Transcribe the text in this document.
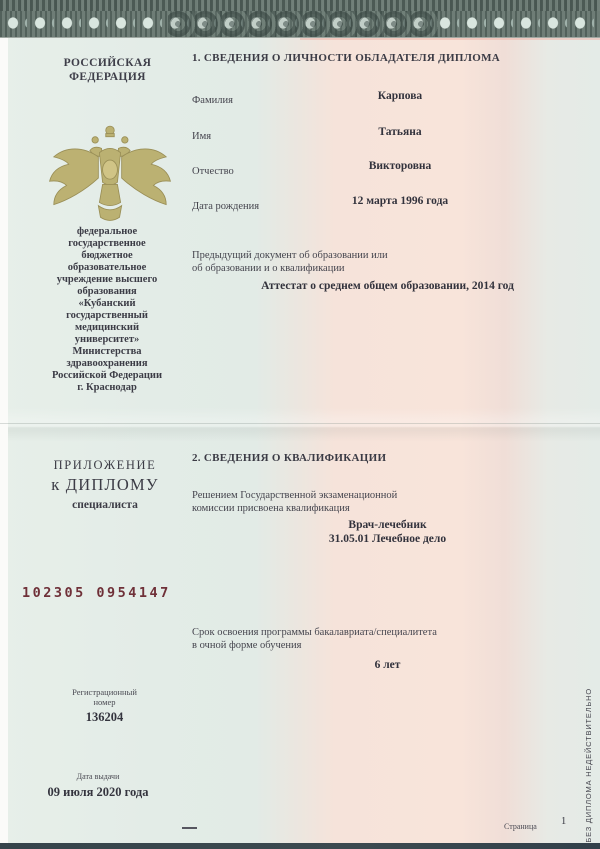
РОССИЙСКАЯ
ФЕДЕРАЦИЯ
федеральное
государственное
бюджетное
образовательное
учреждение высшего
образования
«Кубанский
государственный
медицинский
университет»
Министерства
здравоохранения
Российской Федерации
г. Краснодар
ПРИЛОЖЕНИЕ
к ДИПЛОМУ
специалиста
102305 0954147
Регистрационный
номер
136204
Дата выдачи
09 июля 2020 года
1. СВЕДЕНИЯ О ЛИЧНОСТИ ОБЛАДАТЕЛЯ ДИПЛОМА
Фамилия	Карпова
Имя	Татьяна
Отчество	Викторовна
Дата рождения	12 марта 1996 года
Предыдущий документ об образовании или
об образовании и о квалификации
Аттестат о среднем общем образовании, 2014 год
2. СВЕДЕНИЯ О КВАЛИФИКАЦИИ
Решением Государственной экзаменационной
комиссии присвоена квалификация
Врач-лечебник
31.05.01 Лечебное дело
Срок освоения программы бакалавриата/специалитета
в очной форме обучения
6 лет
Страница 1 БЕЗ ДИПЛОМА НЕДЕЙСТВИТЕЛЬНО
